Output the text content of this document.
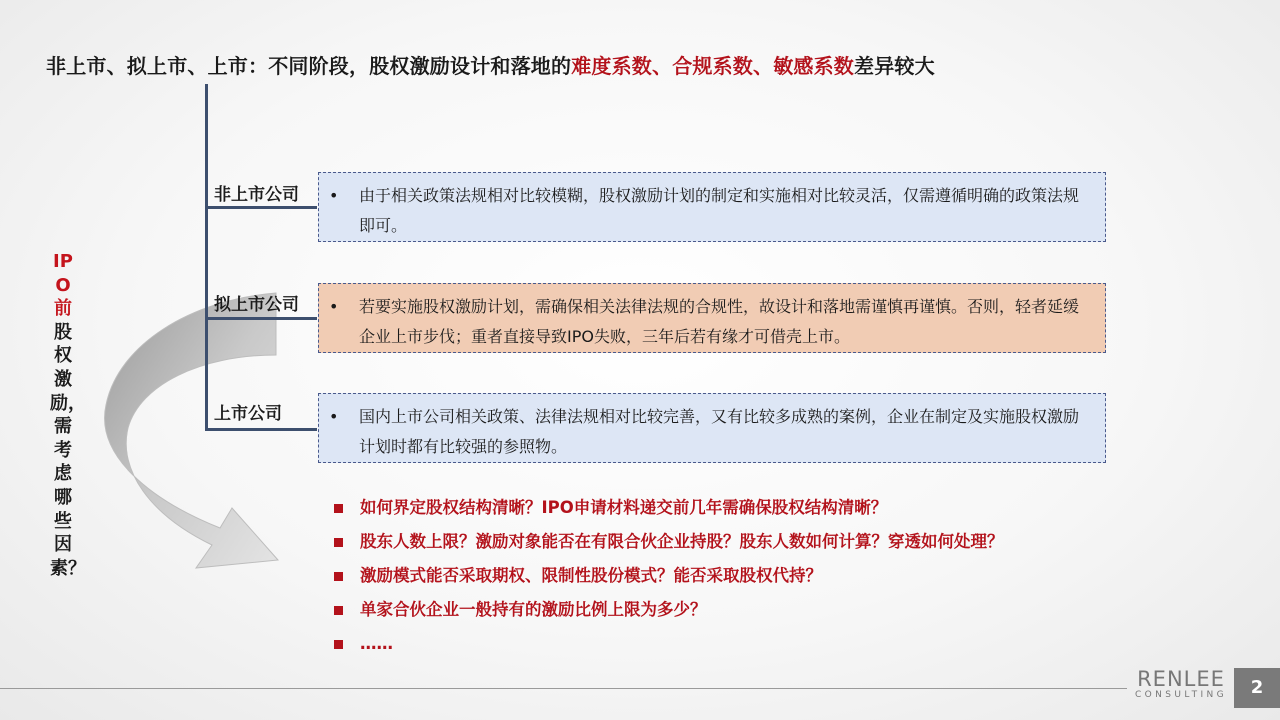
非上市、拟上市、上市：不同阶段，股权激励设计和落地的难度系数、合规系数、敏感系数差异较大
非上市公司
拟上市公司
上市公司
• 由于相关政策法规相对比较模糊，股权激励计划的制定和实施相对比较灵活，仅需遵循明确的政策法规即可。
• 若要实施股权激励计划，需确保相关法律法规的合规性，故设计和落地需谨慎再谨慎。否则，轻者延缓企业上市步伐；重者直接导致IPO失败，三年后若有缘才可借壳上市。
• 国内上市公司相关政策、法律法规相对比较完善，又有比较多成熟的案例，企业在制定及实施股权激励计划时都有比较强的参照物。
IPO前股权激励，需考虑哪些因素？
如何界定股权结构清晰？IPO申请材料递交前几年需确保股权结构清晰？
股东人数上限？激励对象能否在有限合伙企业持股？股东人数如何计算？穿透如何处理？
激励模式能否采取期权、限制性股份模式？能否采取股权代持？
单家合伙企业一般持有的激励比例上限为多少？
……
RENLEE
CONSULTING	2
